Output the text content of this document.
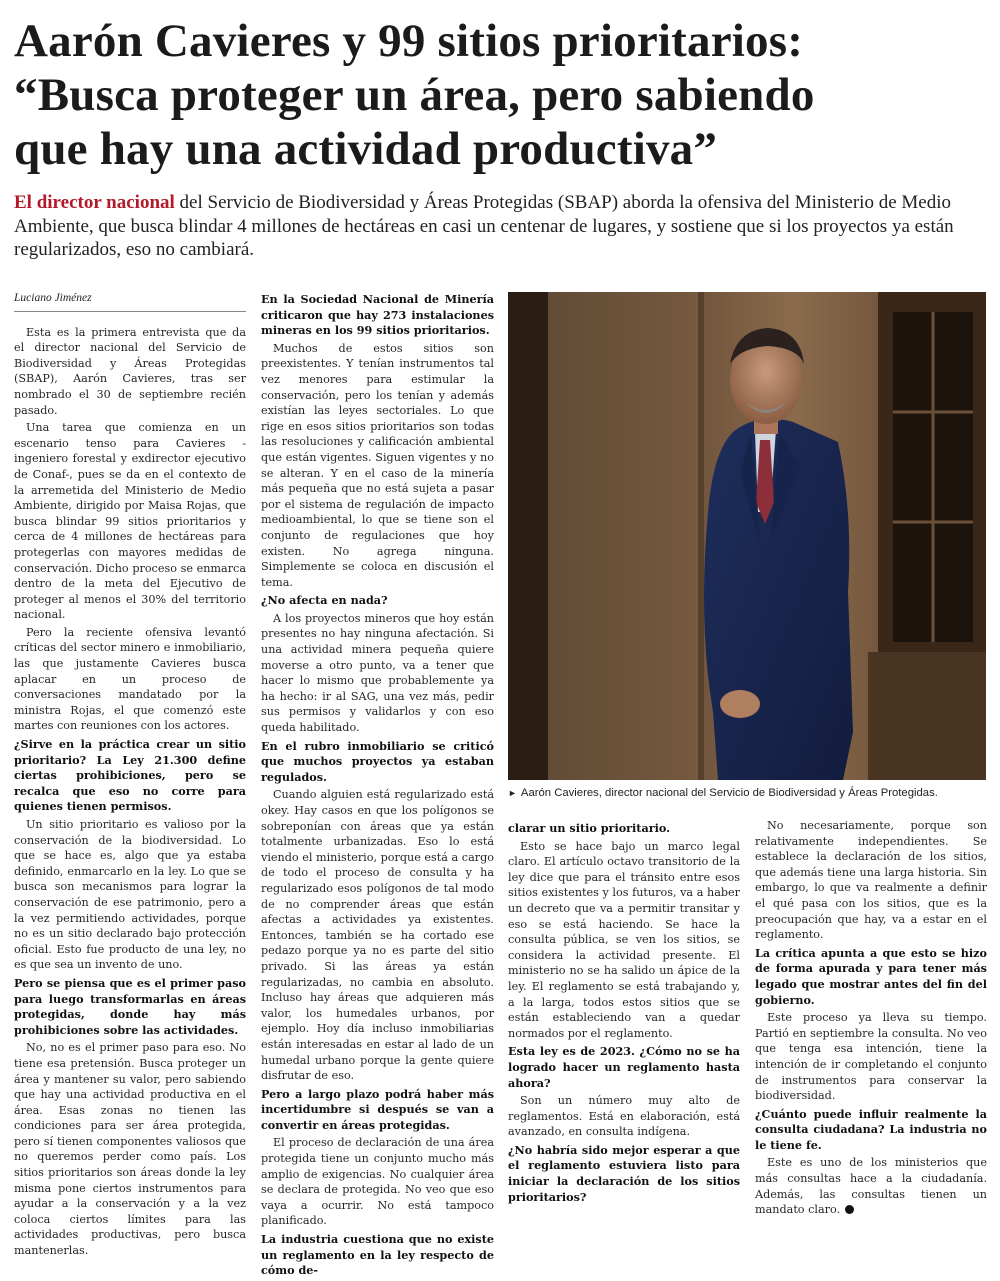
Aarón Cavieres y 99 sitios prioritarios:
“Busca proteger un área, pero sabiendo
que hay una actividad productiva”
El director nacional del Servicio de Biodiversidad y Áreas Protegidas (SBAP) aborda la ofensiva del Ministerio de Medio Ambiente, que busca blindar 4 millones de hectáreas en casi un centenar de lugares, y sostiene que si los proyectos ya están regularizados, eso no cambiará.
Luciano Jiménez

Esta es la primera entrevista que da el director nacional del Servicio de Biodiversidad y Áreas Protegidas (SBAP), Aarón Cavieres, tras ser nombrado el 30 de septiembre recién pasado.

Una tarea que comienza en un escenario tenso para Cavieres -ingeniero forestal y exdirector ejecutivo de Conaf-, pues se da en el contexto de la arremetida del Ministerio de Medio Ambiente, dirigido por Maisa Rojas, que busca blindar 99 sitios prioritarios y cerca de 4 millones de hectáreas para protegerlas con mayores medidas de conservación. Dicho proceso se enmarca dentro de la meta del Ejecutivo de proteger al menos el 30% del territorio nacional.

Pero la reciente ofensiva levantó críticas del sector minero e inmobiliario, las que justamente Cavieres busca aplacar en un proceso de conversaciones mandatado por la ministra Rojas, el que comenzó este martes con reuniones con los actores.

¿Sirve en la práctica crear un sitio prioritario? La Ley 21.300 define ciertas prohibiciones, pero se recalca que eso no corre para quienes tienen permisos.

Un sitio prioritario es valioso por la conservación de la biodiversidad. Lo que se hace es, algo que ya estaba definido, enmarcarlo en la ley. Lo que se busca son mecanismos para lograr la conservación de ese patrimonio, pero a la vez permitiendo actividades, porque no es un sitio declarado bajo protección oficial. Esto fue producto de una ley, no es que sea un invento de uno.

Pero se piensa que es el primer paso para luego transformarlas en áreas protegidas, donde hay más prohibiciones sobre las actividades.

No, no es el primer paso para eso. No tiene esa pretensión. Busca proteger un área y mantener su valor, pero sabiendo que hay una actividad productiva en el área. Esas zonas no tienen las condiciones para ser área protegida, pero sí tienen componentes valiosos que no queremos perder como país. Los sitios prioritarios son áreas donde la ley misma pone ciertos instrumentos para ayudar a la conservación y a la vez coloca ciertos límites para las actividades productivas, pero busca mantenerlas.

En la Sociedad Nacional de Minería criticaron que hay 273 instalaciones mineras en los 99 sitios prioritarios.

Muchos de estos sitios son preexistentes. Y tenían instrumentos tal vez menores para estimular la conservación, pero los tenían y además existían las leyes sectoriales. Lo que rige en esos sitios prioritarios son todas las resoluciones y calificación ambiental que están vigentes. Siguen vigentes y no se alteran. Y en el caso de la minería más pequeña que no está sujeta a pasar por el sistema de regulación de impacto medioambiental, lo que se tiene son el conjunto de regulaciones que hoy existen. No agrega ninguna. Simplemente se coloca en discusión el tema.

¿No afecta en nada?

A los proyectos mineros que hoy están presentes no hay ninguna afectación. Si una actividad minera pequeña quiere moverse a otro punto, va a tener que hacer lo mismo que probablemente ya ha hecho: ir al SAG, una vez más, pedir sus permisos y validarlos y con eso queda habilitado.

En el rubro inmobiliario se criticó que muchos proyectos ya estaban regulados.

Cuando alguien está regularizado está okey. Hay casos en que los polígonos se sobreponían con áreas que ya están totalmente urbanizadas. Eso lo está viendo el ministerio, porque está a cargo de todo el proceso de consulta y ha regularizado esos polígonos de tal modo de no comprender áreas que están afectas a actividades ya existentes. Entonces, también se ha cortado ese pedazo porque ya no es parte del sitio privado. Si las áreas ya están regularizadas, no cambia en absoluto. Incluso hay áreas que adquieren más valor, los humedales urbanos, por ejemplo. Hoy día incluso inmobiliarias están interesadas en estar al lado de un humedal urbano porque la gente quiere disfrutar de eso.

Pero a largo plazo podrá haber más incertidumbre si después se van a convertir en áreas protegidas.

El proceso de declaración de una área protegida tiene un conjunto mucho más amplio de exigencias. No cualquier área se declara de protegida. No veo que eso vaya a ocurrir. No está tampoco planificado.

La industria cuestiona que no existe un reglamento en la ley respecto de cómo de-

► Aarón Cavieres, director nacional del Servicio de Biodiversidad y Áreas Protegidas.

clarar un sitio prioritario.

Esto se hace bajo un marco legal claro. El artículo octavo transitorio de la ley dice que para el tránsito entre esos sitios existentes y los futuros, va a haber un decreto que va a permitir transitar y eso se está haciendo. Se hace la consulta pública, se ven los sitios, se considera la actividad presente. El ministerio no se ha salido un ápice de la ley. El reglamento se está trabajando y, a la larga, todos estos sitios que se están estableciendo van a quedar normados por el reglamento.

Esta ley es de 2023. ¿Cómo no se ha logrado hacer un reglamento hasta ahora?

Son un número muy alto de reglamentos. Está en elaboración, está avanzado, en consulta indígena.

¿No habría sido mejor esperar a que el reglamento estuviera listo para iniciar la declaración de los sitios prioritarios?

No necesariamente, porque son relativamente independientes. Se establece la declaración de los sitios, que además tiene una larga historia. Sin embargo, lo que va realmente a definir el qué pasa con los sitios, que es la preocupación que hay, va a estar en el reglamento.

La crítica apunta a que esto se hizo de forma apurada y para tener más legado que mostrar antes del fin del gobierno.

Este proceso ya lleva su tiempo. Partió en septiembre la consulta. No veo que tenga esa intención, tiene la intención de ir completando el conjunto de instrumentos para conservar la biodiversidad.

¿Cuánto puede influir realmente la consulta ciudadana? La industria no le tiene fe.

Este es uno de los ministerios que más consultas hace a la ciudadanía. Además, las consultas tienen un mandato claro.
